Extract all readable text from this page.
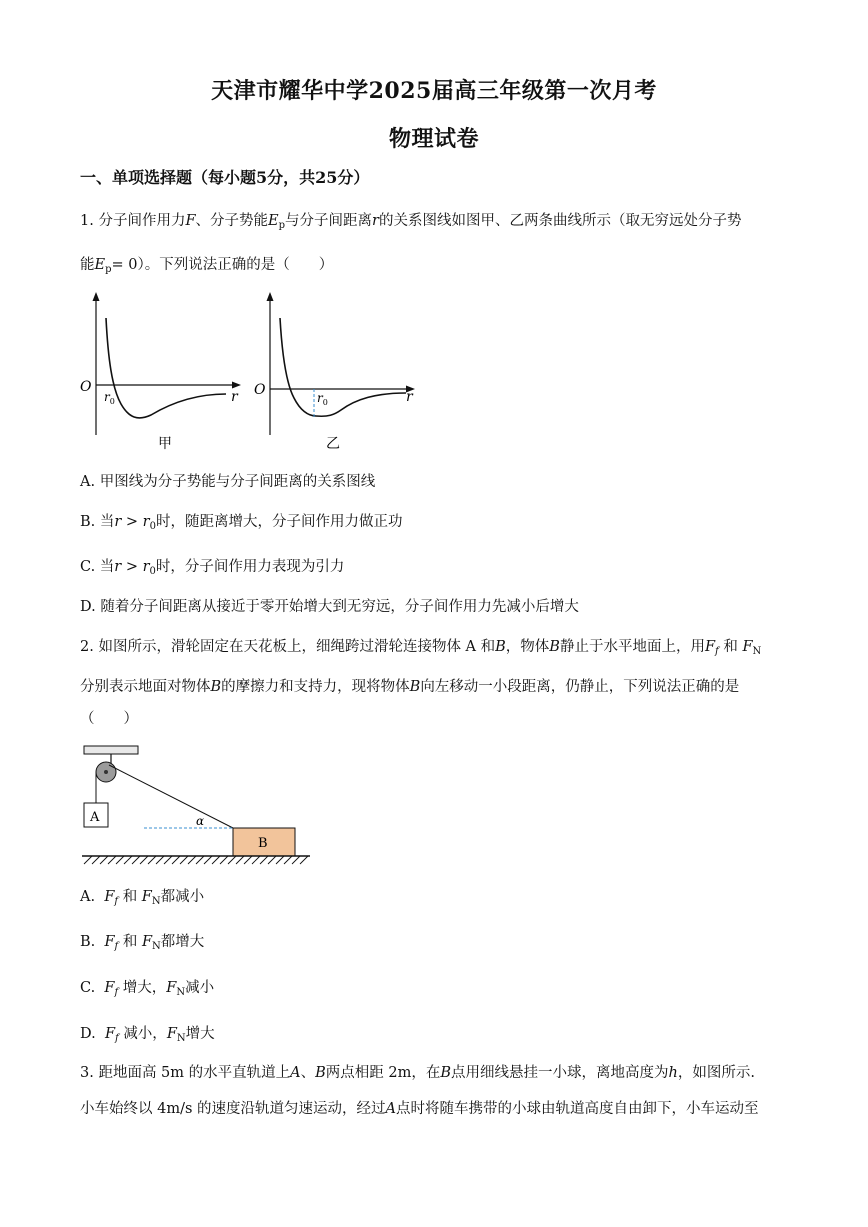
天津市耀华中学2025届高三年级第一次月考
物理试卷
一、单项选择题（每小题5分，共25分）
1. 分子间作用力F、分子势能$E_p$与分子间距离r的关系图线如图甲、乙两条曲线所示（取无穷远处分子势
能$E_p= 0$）。下列说法正确的是（　　）
O
$r_0$	r
甲
O	$r_0$	r
乙
A. 甲图线为分子势能与分子间距离的关系图线
B. 当$r > r_0$时，随距离增大，分子间作用力做正功
C. 当$r > r_0$时，分子间作用力表现为引力
D. 随着分子间距离从接近于零开始增大到无穷远，分子间作用力先减小后增大
2. 如图所示，滑轮固定在天花板上，细绳跨过滑轮连接物体 A 和B，物体B静止于水平地面上，用$F_f$ 和 $F_N$
分别表示地面对物体B的摩擦力和支持力，现将物体B向左移动一小段距离，仍静止，下列说法正确的是
（　　）
A	α
B
A. $F_f$ 和 $F_N$都减小
B. $F_f$ 和 $F_N$都增大
C. $F_f$ 增大，$F_N$减小
D. $F_f$ 减小，$F_N$增大
3. 距地面高 5m 的水平直轨道上A、B两点相距 2m，在B点用细线悬挂一小球，离地高度为h，如图所示.
小车始终以 4m/s 的速度沿轨道匀速运动，经过A点时将随车携带的小球由轨道高度自由卸下，小车运动至
